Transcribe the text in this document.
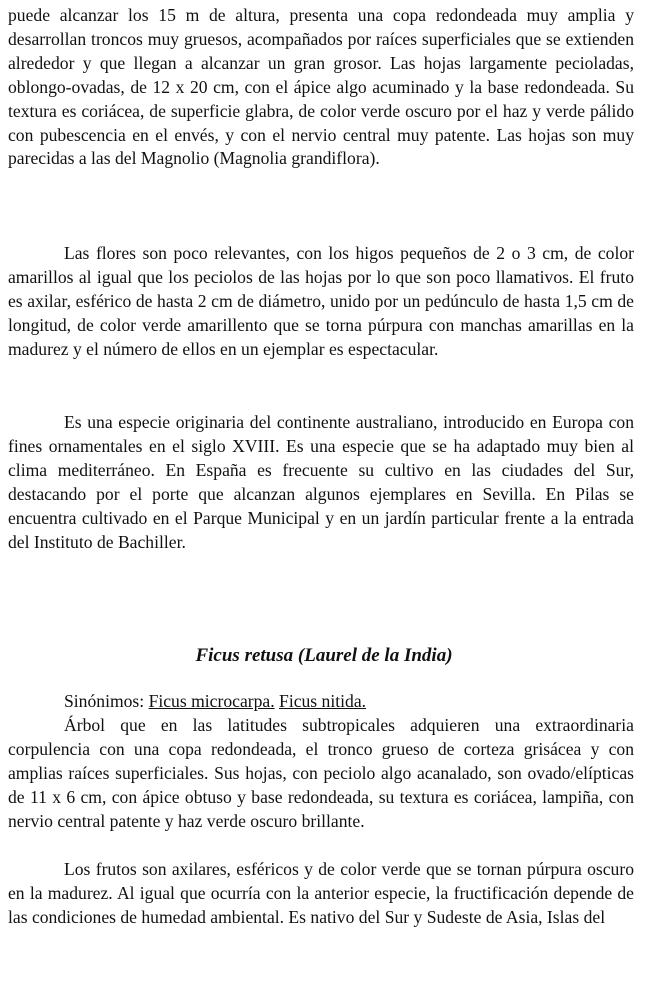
puede alcanzar los 15 m de altura, presenta una copa redondeada muy amplia y desarrollan troncos muy gruesos, acompañados por raíces superficiales que se extienden alrededor y que llegan a alcanzar un gran grosor. Las hojas largamente pecioladas, oblongo-ovadas, de 12 x 20 cm, con el ápice algo acuminado y la base redondeada. Su textura es coriácea, de superficie glabra, de color verde oscuro por el haz y verde pálido con pubescencia en el envés, y con el nervio central muy patente. Las hojas son muy parecidas a las del Magnolio (Magnolia grandiflora).

Las flores son poco relevantes, con los higos pequeños de 2 o 3 cm, de color amarillos al igual que los peciolos de las hojas por lo que son poco llamativos. El fruto es axilar, esférico de hasta 2 cm de diámetro, unido por un pedúnculo de hasta 1,5 cm de longitud, de color verde amarillento que se torna púrpura con manchas amarillas en la madurez y el número de ellos en un ejemplar es espectacular.

Es una especie originaria del continente australiano, introducido en Europa con fines ornamentales en el siglo XVIII. Es una especie que se ha adaptado muy bien al clima mediterráneo. En España es frecuente su cultivo en las ciudades del Sur, destacando por el porte que alcanzan algunos ejemplares en Sevilla. En Pilas se encuentra cultivado en el Parque Municipal y en un jardín particular frente a la entrada del Instituto de Bachiller.

Ficus retusa (Laurel de la India)
Sinónimos: Ficus microcarpa. Ficus nitida.

Árbol que en las latitudes subtropicales adquieren una extraordinaria corpulencia con una copa redondeada, el tronco grueso de corteza grisácea y con amplias raíces superficiales. Sus hojas, con peciolo algo acanalado, son ovado/elípticas de 11 x 6 cm, con ápice obtuso y base redondeada, su textura es coriácea, lampiña, con nervio central patente y haz verde oscuro brillante.

Los frutos son axilares, esféricos y de color verde que se tornan púrpura oscuro en la madurez. Al igual que ocurría con la anterior especie, la fructificación depende de las condiciones de humedad ambiental. Es nativo del Sur y Sudeste de Asia, Islas del
